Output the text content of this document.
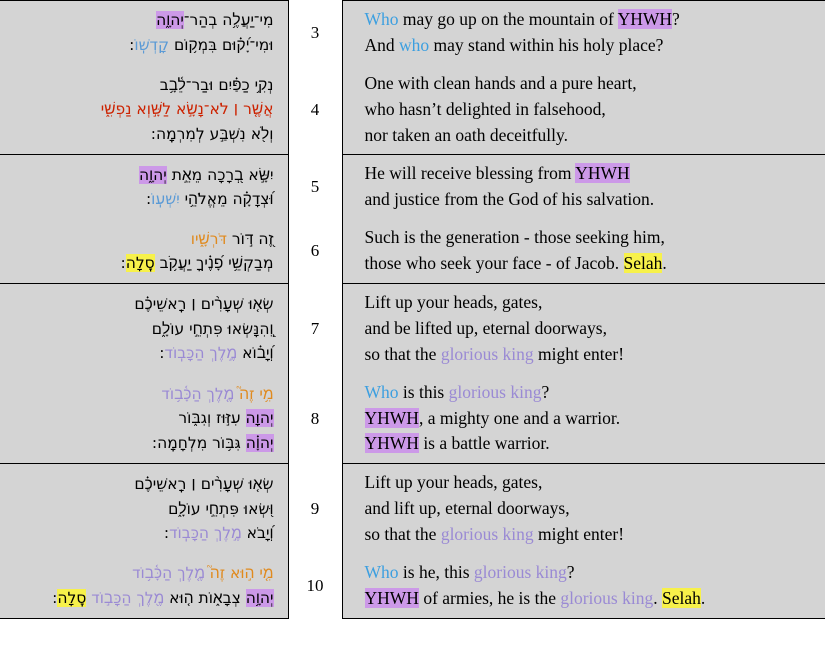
מִי־יַעֲלֶ֥ה בְהַר־יְהוָ֑ה
וּמִי־יָ֝ק֗וּם בִּמְק֥וֹם קָדְשֽׁוֹ:
	3	
Who may go up on the mountain of YHWH?
And who may stand within his holy place?

נְקִ֥י כַפַּ֗יִם וּבַר־לֵ֫בָ֥ב
אֲשֶׁ֤ר ׀ לֹא־נָשָׂ֣א לַשָּׁ֣וְא נַפְשִׁ֑י
וְלֹ֖א נִשְׁבַּ֣ע לְמִרְמָֽה:
	4	
One with clean hands and a pure heart,
who hasn’t delighted in falsehood,
nor taken an oath deceitfully.

יִשָּׂ֣א בְ֭רָכָה מֵאֵ֣ת יְהוָ֑ה
וּ֝צְדָקָ֗ה מֵאֱלֹהֵ֥י יִשְׁעֽוֹ:
	5	
He will receive blessing from YHWH
and justice from the God of his salvation.

זֶ֭ה דּ֣וֹר דֹּרְשָׁ֑יו
מְבַקְשֵׁ֥י פָ֝נֶ֗יךָ יַעֲקֹ֥ב סֶֽלָה:
	6	
Such is the generation - those seeking him,
those who seek your face - of Jacob. Selah.

שְׂא֤וּ שְׁעָרִ֨ים ׀ רָֽאשֵׁיכֶ֗ם
וְֽ֭הִנָּשְׂאוּ פִּתְחֵ֣י עוֹלָ֑ם
וְ֝יָב֗וֹא מֶ֣לֶךְ הַכָּבֽוֹד:
	7	
Lift up your heads, gates,
and be lifted up, eternal doorways,
so that the glorious king might enter!

מִ֥י זֶה֮ מֶ֤לֶךְ הַכָּ֫ב֥וֹד
יְהוָה עִזּ֣וּז וְגִבּ֑וֹר
יְהוָ֗ה גִּבּ֥וֹר מִלְחָמָֽה:
	8	
Who is this glorious king?
YHWH, a mighty one and a warrior.
YHWH is a battle warrior.

שְׂא֤וּ שְׁעָרִ֨ים ׀ רָֽאשֵׁיכֶ֗ם
וּ֭שְׂאוּ פִּתְחֵ֣י עוֹלָ֑ם
וְ֝יָבֹא מֶ֣לֶךְ הַכָּבֽוֹד:
	9	
Lift up your heads, gates,
and lift up, eternal doorways,
so that the glorious king might enter!

מִ֤י ה֣וּא זֶה֮ מֶ֤לֶךְ הַכָּ֫ב֥וֹד
יְהוָ֥ה צְבָא֑וֹת ה֤וּא מֶ֖לֶךְ הַכָּב֣וֹד סֶֽלָה:
	10	
Who is he, this glorious king?
YHWH of armies, he is the glorious king. Selah.
